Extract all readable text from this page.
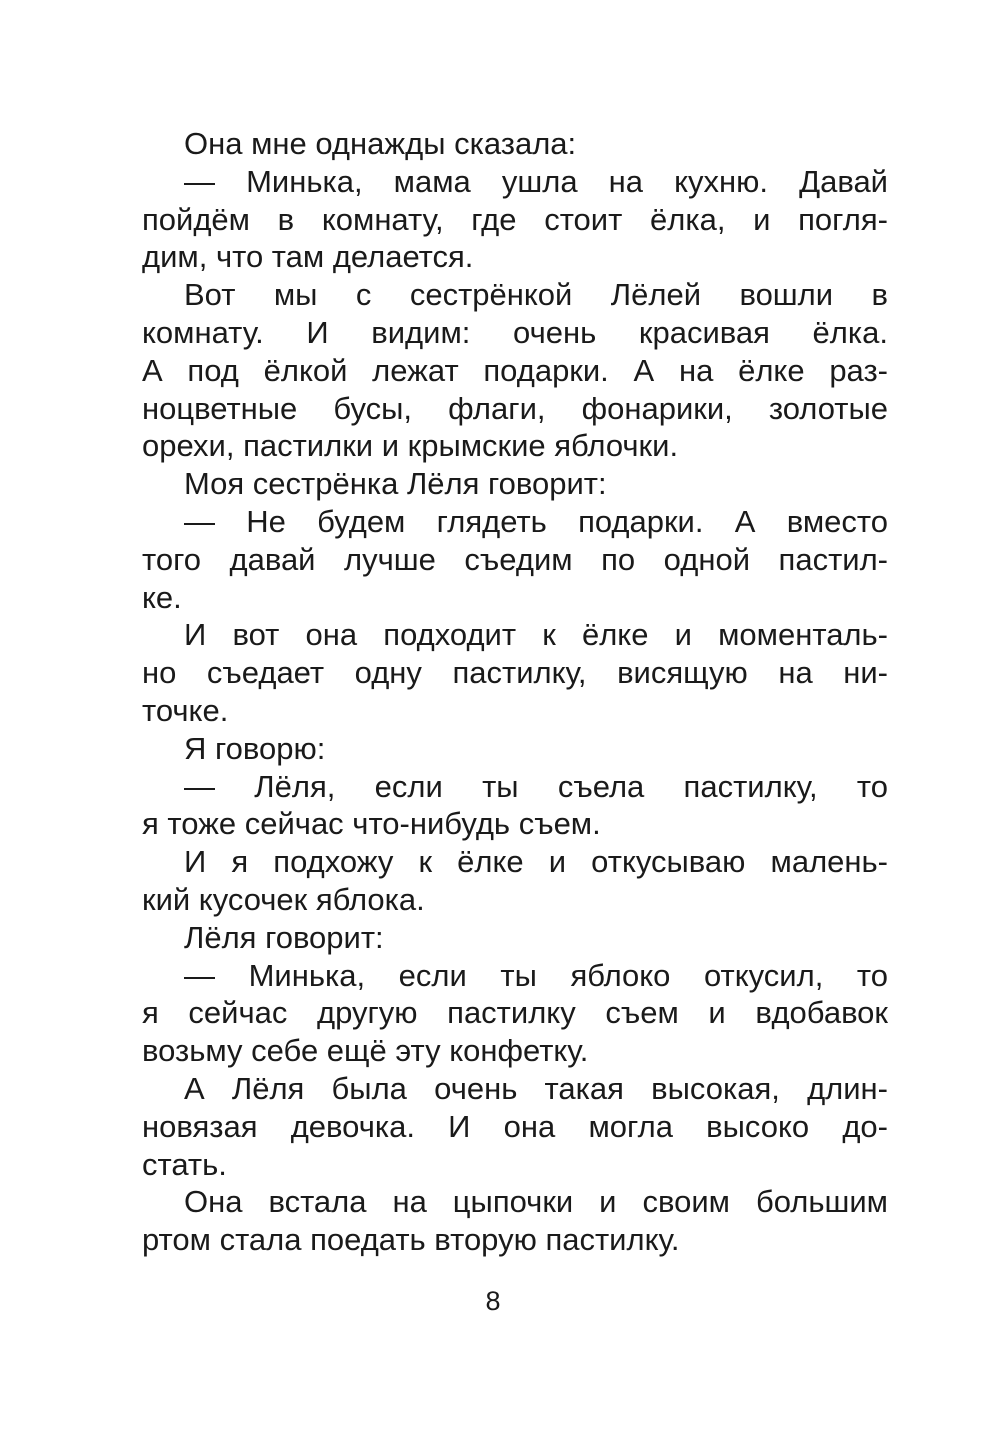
Она мне однажды сказала:
— Минька, мама ушла на кухню. Давай
пойдём в комнату, где стоит ёлка, и погля-
дим, что там делается.
Вот мы с сестрёнкой Лёлей вошли в
комнату. И видим: очень красивая ёлка.
А под ёлкой лежат подарки. А на ёлке раз-
ноцветные бусы, флаги, фонарики, золотые
орехи, пастилки и крымские яблочки.
Моя сестрёнка Лёля говорит:
— Не будем глядеть подарки. А вместо
того давай лучше съедим по одной пастил-
ке.
И вот она подходит к ёлке и моменталь-
но съедает одну пастилку, висящую на ни-
точке.
Я говорю:
— Лёля, если ты съела пастилку, то
я тоже сейчас что-нибудь съем.
И я подхожу к ёлке и откусываю малень-
кий кусочек яблока.
Лёля говорит:
— Минька, если ты яблоко откусил, то
я сейчас другую пастилку съем и вдобавок
возьму себе ещё эту конфетку.
А Лёля была очень такая высокая, длин-
новязая девочка. И она могла высоко до-
стать.
Она встала на цыпочки и своим большим
ртом стала поедать вторую пастилку.
8
